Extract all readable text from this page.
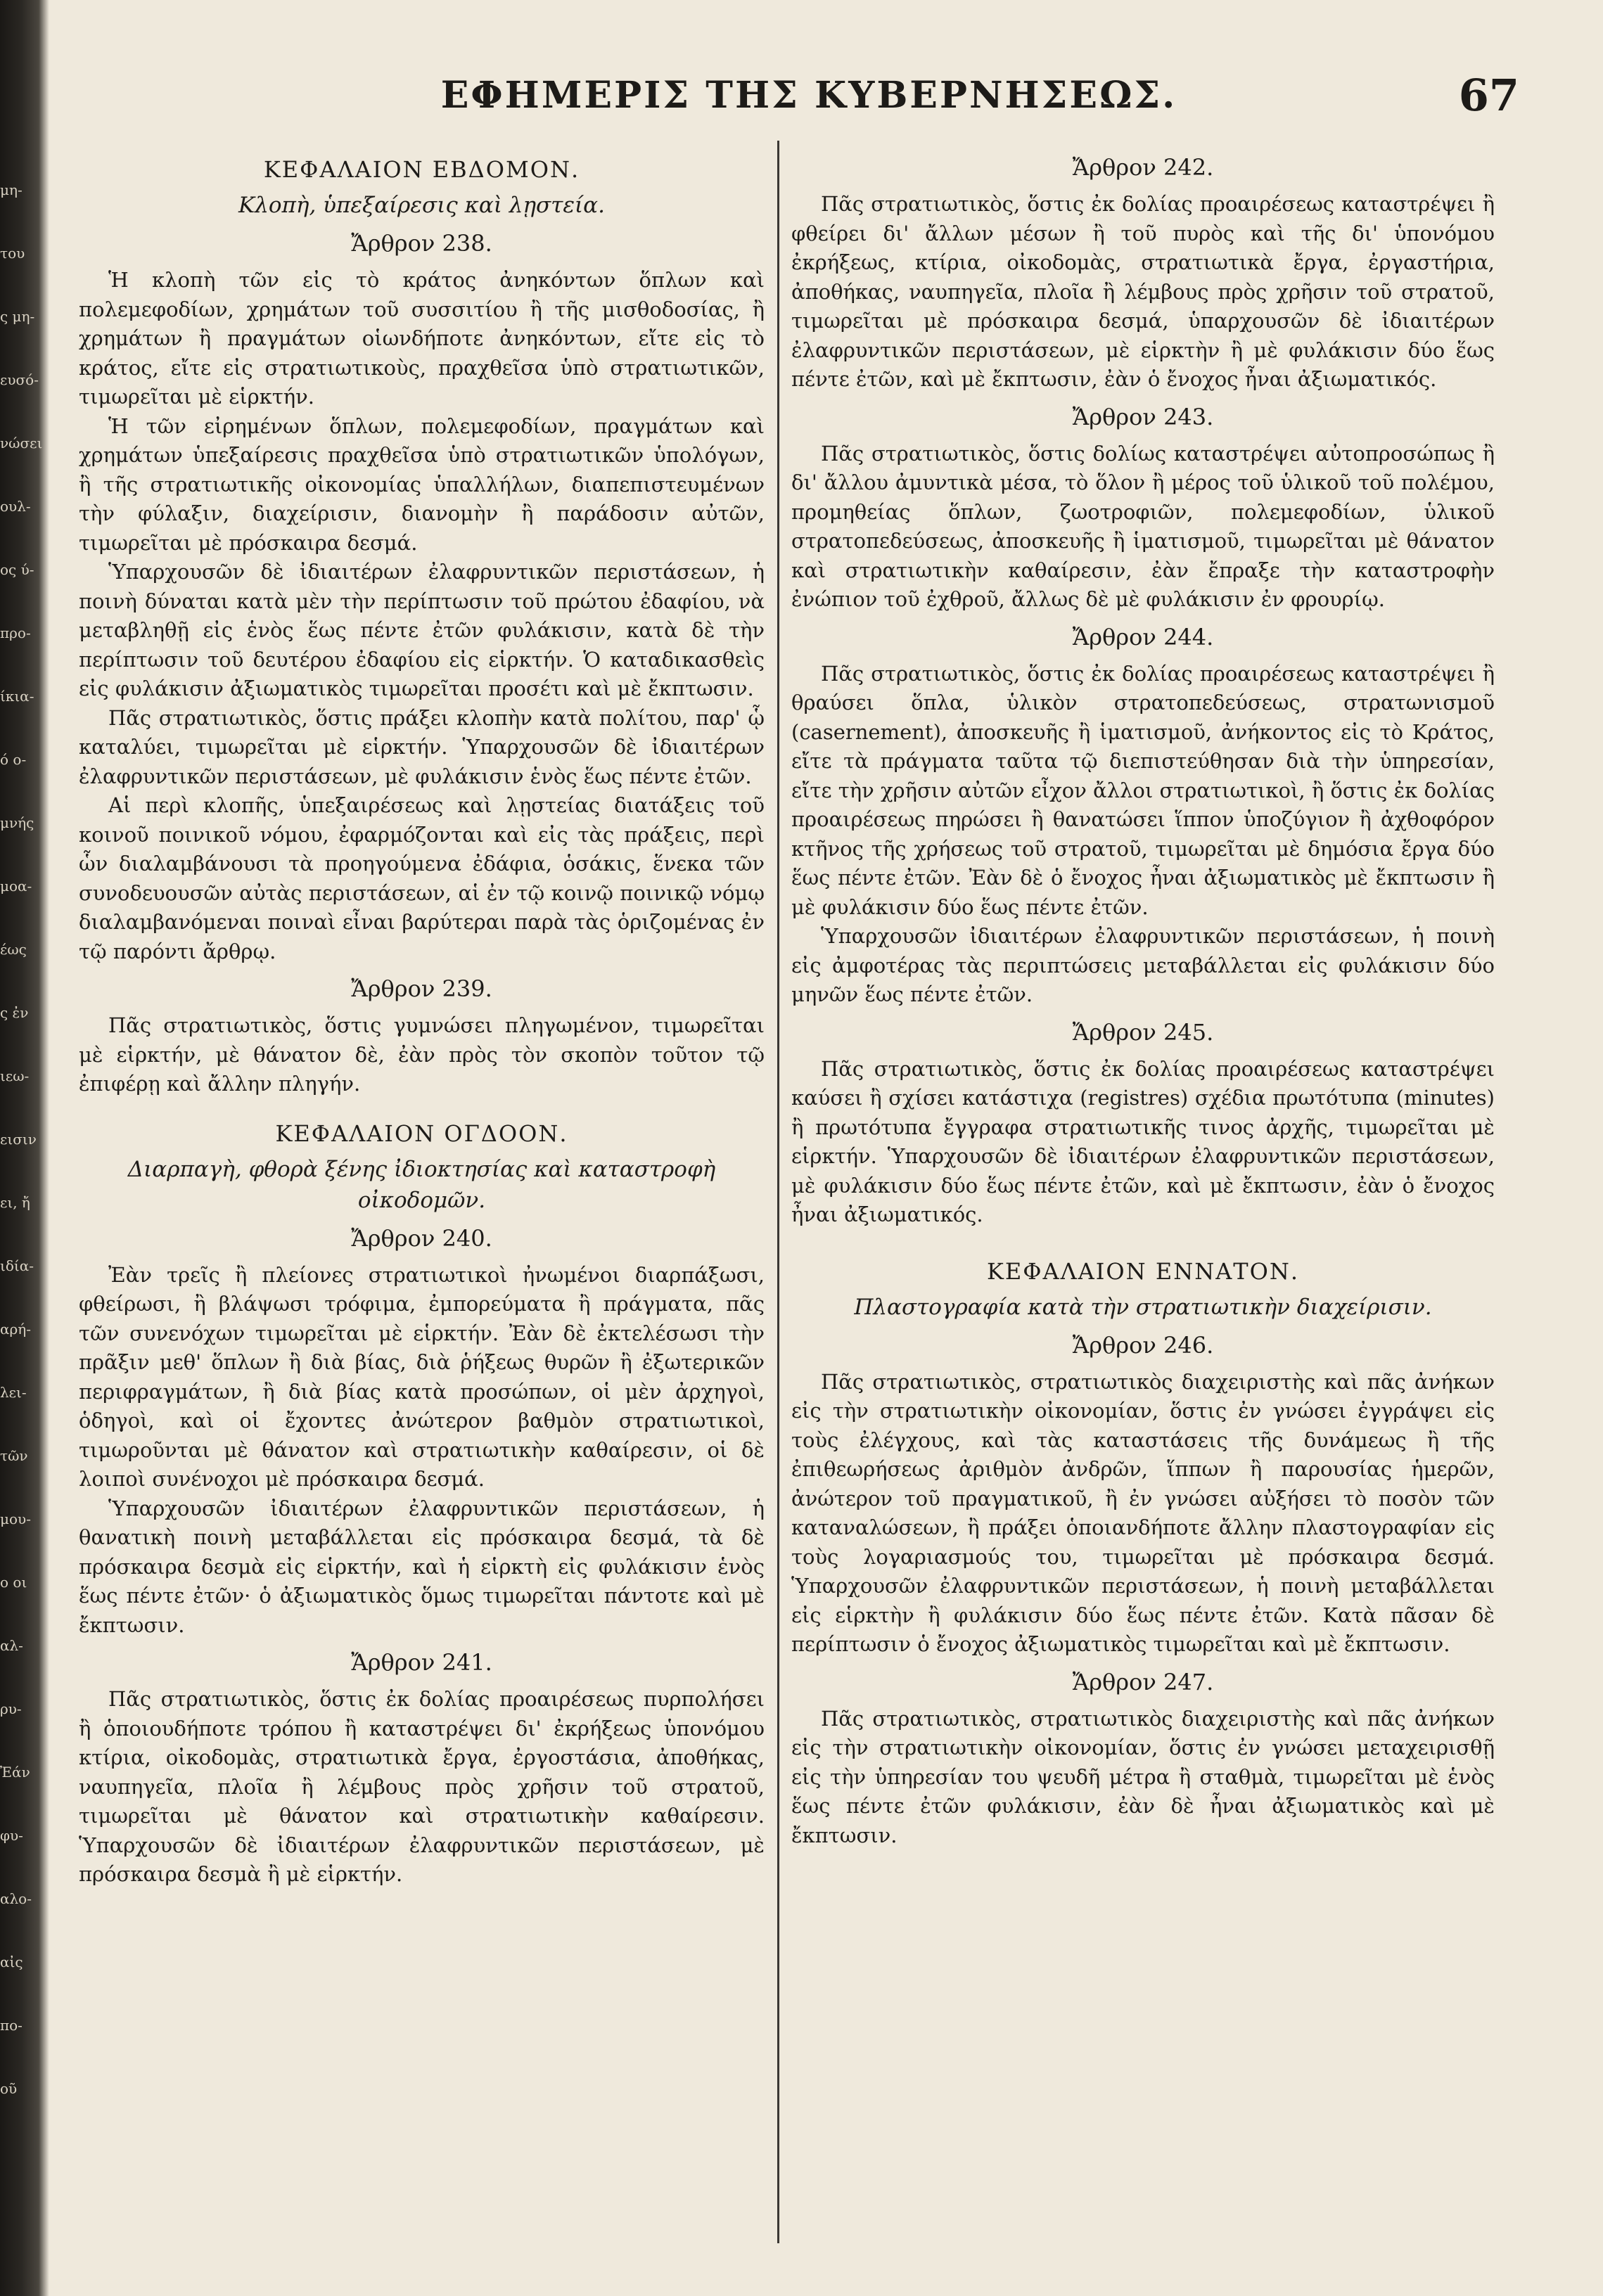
μη-
του
ς μη-
ευσό-
νώσει
ουλ-
ος ύ-
προ-
ίκια-
ό ο-
μνής
μοα-
έως
ς ἐν
ιεω-
εισιν
ει, ἤ
ιδία-
αρή-
λει-
τῶν
μου-
ο οι
αλ-
ρυ-
Ἐάν
φυ-
αλο-
αἰς
πο-
οῦ
ΕΦΗΜΕΡΙΣ ΤΗΣ ΚΥΒΕΡΝΗΣΕΩΣ.	67
ΚΕΦΑΛΑΙΟΝ ΕΒΔΟΜΟΝ.
Κλοπὴ, ὑπεξαίρεσις καὶ λῃστεία.
Ἄρθρον 238.

Ἡ κλοπὴ τῶν εἰς τὸ κράτος ἀνηκόντων ὅπλων καὶ πολεμεφοδίων, χρημάτων τοῦ συσσιτίου ἢ τῆς μισθοδοσίας, ἢ χρημάτων ἢ πραγμάτων οἱωνδήποτε ἀνηκόντων, εἴτε εἰς τὸ κράτος, εἴτε εἰς στρατιωτικοὺς, πραχθεῖσα ὑπὸ στρατιωτικῶν, τιμωρεῖται μὲ εἱρκτήν.

Ἡ τῶν εἰρημένων ὅπλων, πολεμεφοδίων, πραγμάτων καὶ χρημάτων ὑπεξαίρεσις πραχθεῖσα ὑπὸ στρατιωτικῶν ὑπολόγων, ἢ τῆς στρατιωτικῆς οἰκονομίας ὑπαλλήλων, διαπεπιστευμένων τὴν φύλαξιν, διαχείρισιν, διανομὴν ἢ παράδοσιν αὐτῶν, τιμωρεῖται μὲ πρόσκαιρα δεσμά.

Ὑπαρχουσῶν δὲ ἰδιαιτέρων ἐλαφρυντικῶν περιστάσεων, ἡ ποινὴ δύναται κατὰ μὲν τὴν περίπτωσιν τοῦ πρώτου ἐδαφίου, νὰ μεταβληθῇ εἰς ἑνὸς ἕως πέντε ἐτῶν φυλάκισιν, κατὰ δὲ τὴν περίπτωσιν τοῦ δευτέρου ἐδαφίου εἰς εἱρκτήν. Ὁ καταδικασθεὶς εἰς φυλάκισιν ἀξιωματικὸς τιμωρεῖται προσέτι καὶ μὲ ἔκπτωσιν.

Πᾶς στρατιωτικὸς, ὅστις πράξει κλοπὴν κατὰ πολίτου, παρ' ᾧ καταλύει, τιμωρεῖται μὲ εἱρκτήν. Ὑπαρχουσῶν δὲ ἰδιαιτέρων ἐλαφρυντικῶν περιστάσεων, μὲ φυλάκισιν ἑνὸς ἕως πέντε ἐτῶν.

Αἱ περὶ κλοπῆς, ὑπεξαιρέσεως καὶ λῃστείας διατάξεις τοῦ κοινοῦ ποινικοῦ νόμου, ἐφαρμόζονται καὶ εἰς τὰς πράξεις, περὶ ὧν διαλαμβάνουσι τὰ προηγούμενα ἐδάφια, ὁσάκις, ἕνεκα τῶν συνοδευουσῶν αὐτὰς περιστάσεων, αἱ ἐν τῷ κοινῷ ποινικῷ νόμῳ διαλαμβανόμεναι ποιναὶ εἶναι βαρύτεραι παρὰ τὰς ὁριζομένας ἐν τῷ παρόντι ἄρθρῳ.

Ἄρθρον 239.

Πᾶς στρατιωτικὸς, ὅστις γυμνώσει πληγωμένον, τιμωρεῖται μὲ εἱρκτήν, μὲ θάνατον δὲ, ἐὰν πρὸς τὸν σκοπὸν τοῦτον τῷ ἐπιφέρῃ καὶ ἄλλην πληγήν.

ΚΕΦΑΛΑΙΟΝ ΟΓΔΟΟΝ.
Διαρπαγὴ, φθορὰ ξένης ἰδιοκτησίας καὶ καταστροφὴ οἰκοδομῶν.
Ἄρθρον 240.

Ἐὰν τρεῖς ἢ πλείονες στρατιωτικοὶ ἠνωμένοι διαρπάξωσι, φθείρωσι, ἢ βλάψωσι τρόφιμα, ἐμπορεύματα ἢ πράγματα, πᾶς τῶν συνενόχων τιμωρεῖται μὲ εἱρκτήν. Ἐὰν δὲ ἐκτελέσωσι τὴν πρᾶξιν μεθ' ὅπλων ἢ διὰ βίας, διὰ ῥήξεως θυρῶν ἢ ἐξωτερικῶν περιφραγμάτων, ἢ διὰ βίας κατὰ προσώπων, οἱ μὲν ἀρχηγοὶ, ὁδηγοὶ, καὶ οἱ ἔχοντες ἀνώτερον βαθμὸν στρατιωτικοὶ, τιμωροῦνται μὲ θάνατον καὶ στρατιωτικὴν καθαίρεσιν, οἱ δὲ λοιποὶ συνένοχοι μὲ πρόσκαιρα δεσμά.

Ὑπαρχουσῶν ἰδιαιτέρων ἐλαφρυντικῶν περιστάσεων, ἡ θανατικὴ ποινὴ μεταβάλλεται εἰς πρόσκαιρα δεσμά, τὰ δὲ πρόσκαιρα δεσμὰ εἰς εἱρκτήν, καὶ ἡ εἱρκτὴ εἰς φυλάκισιν ἑνὸς ἕως πέντε ἐτῶν· ὁ ἀξιωματικὸς ὅμως τιμωρεῖται πάντοτε καὶ μὲ ἔκπτωσιν.

Ἄρθρον 241.

Πᾶς στρατιωτικὸς, ὅστις ἐκ δολίας προαιρέσεως πυρπολήσει ἢ ὁποιουδήποτε τρόπου ἢ καταστρέψει δι' ἐκρήξεως ὑπονόμου κτίρια, οἰκοδομὰς, στρατιωτικὰ ἔργα, ἐργοστάσια, ἀποθήκας, ναυπηγεῖα, πλοῖα ἢ λέμβους πρὸς χρῆσιν τοῦ στρατοῦ, τιμωρεῖται μὲ θάνατον καὶ στρατιωτικὴν καθαίρεσιν. Ὑπαρχουσῶν δὲ ἰδιαιτέρων ἐλαφρυντικῶν περιστάσεων, μὲ πρόσκαιρα δεσμὰ ἢ μὲ εἱρκτήν.

Ἄρθρον 242.

Πᾶς στρατιωτικὸς, ὅστις ἐκ δολίας προαιρέσεως καταστρέψει ἢ φθείρει δι' ἄλλων μέσων ἢ τοῦ πυρὸς καὶ τῆς δι' ὑπονόμου ἐκρήξεως, κτίρια, οἰκοδομὰς, στρατιωτικὰ ἔργα, ἐργαστήρια, ἀποθήκας, ναυπηγεῖα, πλοῖα ἢ λέμβους πρὸς χρῆσιν τοῦ στρατοῦ, τιμωρεῖται μὲ πρόσκαιρα δεσμά, ὑπαρχουσῶν δὲ ἰδιαιτέρων ἐλαφρυντικῶν περιστάσεων, μὲ εἱρκτὴν ἢ μὲ φυλάκισιν δύο ἕως πέντε ἐτῶν, καὶ μὲ ἔκπτωσιν, ἐὰν ὁ ἔνοχος ἦναι ἀξιωματικός.

Ἄρθρον 243.

Πᾶς στρατιωτικὸς, ὅστις δολίως καταστρέψει αὐτοπροσώπως ἢ δι' ἄλλου ἀμυντικὰ μέσα, τὸ ὅλον ἢ μέρος τοῦ ὑλικοῦ τοῦ πολέμου, προμηθείας ὅπλων, ζωοτροφιῶν, πολεμεφοδίων, ὑλικοῦ στρατοπεδεύσεως, ἀποσκευῆς ἢ ἱματισμοῦ, τιμωρεῖται μὲ θάνατον καὶ στρατιωτικὴν καθαίρεσιν, ἐὰν ἔπραξε τὴν καταστροφὴν ἐνώπιον τοῦ ἐχθροῦ, ἄλλως δὲ μὲ φυλάκισιν ἐν φρουρίῳ.

Ἄρθρον 244.

Πᾶς στρατιωτικὸς, ὅστις ἐκ δολίας προαιρέσεως καταστρέψει ἢ θραύσει ὅπλα, ὑλικὸν στρατοπεδεύσεως, στρατωνισμοῦ (casernement), ἀποσκευῆς ἢ ἱματισμοῦ, ἀνήκοντος εἰς τὸ Κράτος, εἴτε τὰ πράγματα ταῦτα τῷ διεπιστεύθησαν διὰ τὴν ὑπηρεσίαν, εἴτε τὴν χρῆσιν αὐτῶν εἶχον ἄλλοι στρατιωτικοὶ, ἢ ὅστις ἐκ δολίας προαιρέσεως πηρώσει ἢ θανατώσει ἵππον ὑποζύγιον ἢ ἀχθοφόρον κτῆνος τῆς χρήσεως τοῦ στρατοῦ, τιμωρεῖται μὲ δημόσια ἔργα δύο ἕως πέντε ἐτῶν. Ἐὰν δὲ ὁ ἔνοχος ἦναι ἀξιωματικὸς μὲ ἔκπτωσιν ἢ μὲ φυλάκισιν δύο ἕως πέντε ἐτῶν.

Ὑπαρχουσῶν ἰδιαιτέρων ἐλαφρυντικῶν περιστάσεων, ἡ ποινὴ εἰς ἀμφοτέρας τὰς περιπτώσεις μεταβάλλεται εἰς φυλάκισιν δύο μηνῶν ἕως πέντε ἐτῶν.

Ἄρθρον 245.

Πᾶς στρατιωτικὸς, ὅστις ἐκ δολίας προαιρέσεως καταστρέψει καύσει ἢ σχίσει κατάστιχα (registres) σχέδια πρωτότυπα (minutes) ἢ πρωτότυπα ἔγγραφα στρατιωτικῆς τινος ἀρχῆς, τιμωρεῖται μὲ εἱρκτήν. Ὑπαρχουσῶν δὲ ἰδιαιτέρων ἐλαφρυντικῶν περιστάσεων, μὲ φυλάκισιν δύο ἕως πέντε ἐτῶν, καὶ μὲ ἔκπτωσιν, ἐὰν ὁ ἔνοχος ἦναι ἀξιωματικός.

ΚΕΦΑΛΑΙΟΝ ΕΝΝΑΤΟΝ.
Πλαστογραφία κατὰ τὴν στρατιωτικὴν διαχείρισιν.
Ἄρθρον 246.

Πᾶς στρατιωτικὸς, στρατιωτικὸς διαχειριστὴς καὶ πᾶς ἀνήκων εἰς τὴν στρατιωτικὴν οἰκονομίαν, ὅστις ἐν γνώσει ἐγγράψει εἰς τοὺς ἐλέγχους, καὶ τὰς καταστάσεις τῆς δυνάμεως ἢ τῆς ἐπιθεωρήσεως ἀριθμὸν ἀνδρῶν, ἵππων ἢ παρουσίας ἡμερῶν, ἀνώτερον τοῦ πραγματικοῦ, ἢ ἐν γνώσει αὐξήσει τὸ ποσὸν τῶν καταναλώσεων, ἢ πράξει ὁποιανδήποτε ἄλλην πλαστογραφίαν εἰς τοὺς λογαριασμούς του, τιμωρεῖται μὲ πρόσκαιρα δεσμά. Ὑπαρχουσῶν ἐλαφρυντικῶν περιστάσεων, ἡ ποινὴ μεταβάλλεται εἰς εἱρκτὴν ἢ φυλάκισιν δύο ἕως πέντε ἐτῶν. Κατὰ πᾶσαν δὲ περίπτωσιν ὁ ἔνοχος ἀξιωματικὸς τιμωρεῖται καὶ μὲ ἔκπτωσιν.

Ἄρθρον 247.

Πᾶς στρατιωτικὸς, στρατιωτικὸς διαχειριστὴς καὶ πᾶς ἀνήκων εἰς τὴν στρατιωτικὴν οἰκονομίαν, ὅστις ἐν γνώσει μεταχειρισθῇ εἰς τὴν ὑπηρεσίαν του ψευδῆ μέτρα ἢ σταθμὰ, τιμωρεῖται μὲ ἑνὸς ἕως πέντε ἐτῶν φυλάκισιν, ἐὰν δὲ ἦναι ἀξιωματικὸς καὶ μὲ ἔκπτωσιν.
